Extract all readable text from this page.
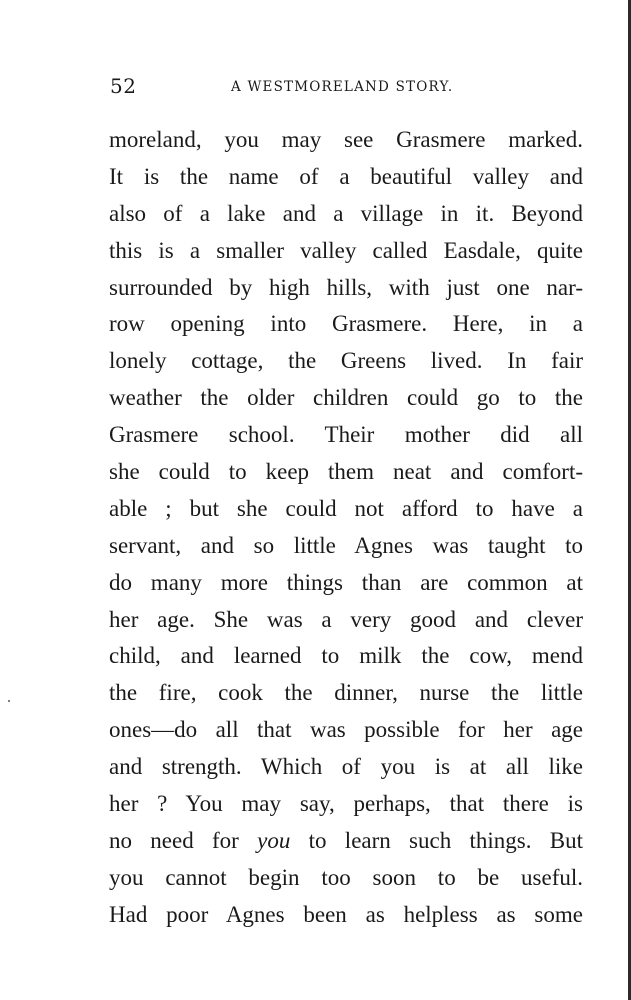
52	A WESTMORELAND STORY.
moreland, you may see Grasmere marked.
It is the name of a beautiful valley and
also of a lake and a village in it. Beyond
this is a smaller valley called Easdale, quite
surrounded by high hills, with just one nar-
row opening into Grasmere. Here, in a
lonely cottage, the Greens lived. In fair
weather the older children could go to the
Grasmere school. Their mother did all
she could to keep them neat and comfort-
able ; but she could not afford to have a
servant, and so little Agnes was taught to
do many more things than are common at
her age. She was a very good and clever
child, and learned to milk the cow, mend
the fire, cook the dinner, nurse the little
ones—do all that was possible for her age
and strength. Which of you is at all like
her ? You may say, perhaps, that there is
no need for you to learn such things. But
you cannot begin too soon to be useful.
Had poor Agnes been as helpless as some
